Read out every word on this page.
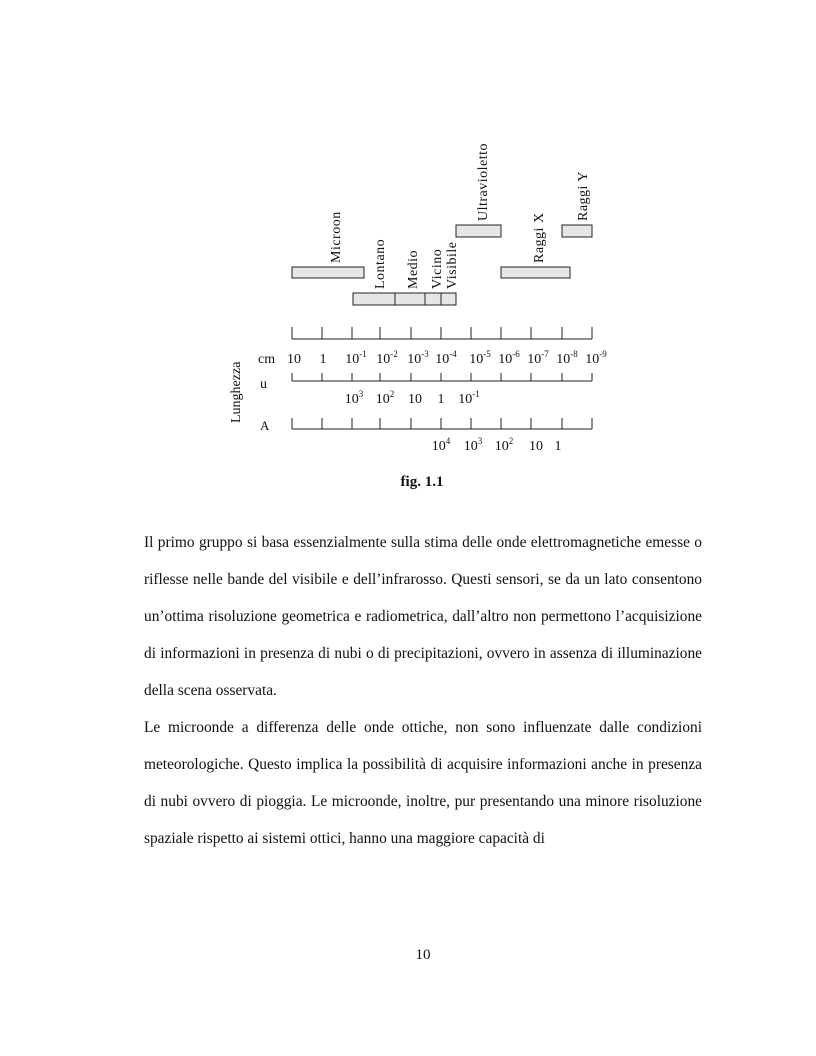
Microon
Ultravioletto
Raggi X
Raggi Y
Lontano Medio Vicino Visibile
Lunghezza
cm 10 1 $10^{-1}$ $10^{-2}$ $10^{-3}$ $10^{-4}$ $10^{-5}$ $10^{-6}$ $10^{-7}$ $10^{-8}$ $10^{-9}$
u
$10^3$ $10^2$ 10 1 $10^{-1}$
A
$10^4$ $10^3$ $10^2$ 10 1
fig. 1.1

Il primo gruppo si basa essenzialmente sulla stima delle onde elettromagnetiche emesse o riflesse nelle bande del visibile e dell’infrarosso. Questi sensori, se da un lato consentono un’ottima risoluzione geometrica e radiometrica, dall’altro non permettono l’acquisizione di informazioni in presenza di nubi o di precipitazioni, ovvero in assenza di illuminazione della scena osservata.

Le microonde a differenza delle onde ottiche, non sono influenzate dalle condizioni meteorologiche. Questo implica la possibilità di acquisire informazioni anche in presenza di nubi ovvero di pioggia. Le microonde, inoltre, pur presentando una minore risoluzione spaziale rispetto ai sistemi ottici, hanno una maggiore capacità di

10
